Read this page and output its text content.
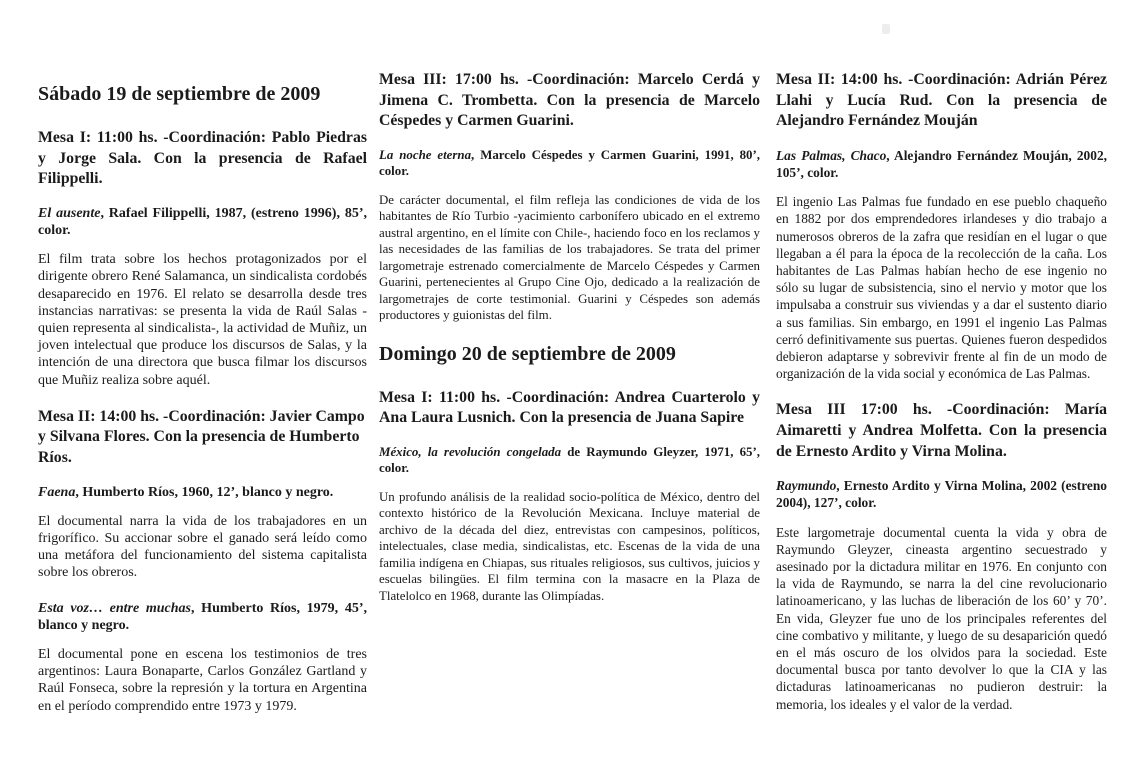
Sábado 19 de septiembre de 2009
Mesa I: 11:00 hs. -Coordinación: Pablo Piedras y Jorge Sala. Con la presencia de Rafael Filippelli.

El ausente, Rafael Filippelli, 1987, (estreno 1996), 85’, color.

El film trata sobre los hechos protagonizados por el dirigente obrero René Salamanca, un sindicalista cordobés desaparecido en 1976. El relato se desarrolla desde tres instancias narrativas: se presenta la vida de Raúl Salas -quien representa al sindicalista-, la actividad de Muñiz, un joven intelectual que produce los discursos de Salas, y la intención de una directora que busca filmar los discursos que Muñiz realiza sobre aquél.

Mesa II: 14:00 hs. -Coordinación: Javier Campo y Silvana Flores. Con la presencia de Humberto Ríos.

Faena, Humberto Ríos, 1960, 12’, blanco y negro.

El documental narra la vida de los trabajadores en un frigorífico. Su accionar sobre el ganado será leído como una metáfora del funcionamiento del sistema capitalista sobre los obreros.

Esta voz… entre muchas, Humberto Ríos, 1979, 45’, blanco y negro.

El documental pone en escena los testimonios de tres argentinos: Laura Bonaparte, Carlos González Gartland y Raúl Fonseca, sobre la represión y la tortura en Argentina en el período comprendido entre 1973 y 1979.

Mesa III: 17:00 hs. -Coordinación: Marcelo Cerdá y Jimena C. Trombetta. Con la presencia de Marcelo Céspedes y Carmen Guarini.

La noche eterna, Marcelo Céspedes y Carmen Guarini, 1991, 80’, color.

De carácter documental, el film refleja las condiciones de vida de los habitantes de Río Turbio -yacimiento carbonífero ubicado en el extremo austral argentino, en el límite con Chile-, haciendo foco en los reclamos y las necesidades de las familias de los trabajadores. Se trata del primer largometraje estrenado comercialmente de Marcelo Céspedes y Carmen Guarini, pertenecientes al Grupo Cine Ojo, dedicado a la realización de largometrajes de corte testimonial. Guarini y Céspedes son además productores y guionistas del film.

Domingo 20 de septiembre de 2009
Mesa I: 11:00 hs. -Coordinación: Andrea Cuarterolo y Ana Laura Lusnich. Con la presencia de Juana Sapire

México, la revolución congelada de Raymundo Gleyzer, 1971, 65’, color.

Un profundo análisis de la realidad socio-política de México, dentro del contexto histórico de la Revolución Mexicana. Incluye material de archivo de la década del diez, entrevistas con campesinos, políticos, intelectuales, clase media, sindicalistas, etc. Escenas de la vida de una familia indígena en Chiapas, sus rituales religiosos, sus cultivos, juicios y escuelas bilingües. El film termina con la masacre en la Plaza de Tlatelolco en 1968, durante las Olimpíadas.

Mesa II: 14:00 hs. -Coordinación: Adrián Pérez Llahi y Lucía Rud. Con la presencia de Alejandro Fernández Mouján

Las Palmas, Chaco, Alejandro Fernández Mouján, 2002, 105’, color.

El ingenio Las Palmas fue fundado en ese pueblo chaqueño en 1882 por dos emprendedores irlandeses y dio trabajo a numerosos obreros de la zafra que residían en el lugar o que llegaban a él para la época de la recolección de la caña. Los habitantes de Las Palmas habían hecho de ese ingenio no sólo su lugar de subsistencia, sino el nervio y motor que los impulsaba a construir sus viviendas y a dar el sustento diario a sus familias. Sin embargo, en 1991 el ingenio Las Palmas cerró definitivamente sus puertas. Quienes fueron despedidos debieron adaptarse y sobrevivir frente al fin de un modo de organización de la vida social y económica de Las Palmas.

Mesa III 17:00 hs. -Coordinación: María Aimaretti y Andrea Molfetta. Con la presencia de Ernesto Ardito y Virna Molina.

Raymundo, Ernesto Ardito y Virna Molina, 2002 (estreno 2004), 127’, color.

Este largometraje documental cuenta la vida y obra de Raymundo Gleyzer, cineasta argentino secuestrado y asesinado por la dictadura militar en 1976. En conjunto con la vida de Raymundo, se narra la del cine revolucionario latinoamericano, y las luchas de liberación de los 60’ y 70’. En vida, Gleyzer fue uno de los principales referentes del cine combativo y militante, y luego de su desaparición quedó en el más oscuro de los olvidos para la sociedad. Este documental busca por tanto devolver lo que la CIA y las dictaduras latinoamericanas no pudieron destruir: la memoria, los ideales y el valor de la verdad.
